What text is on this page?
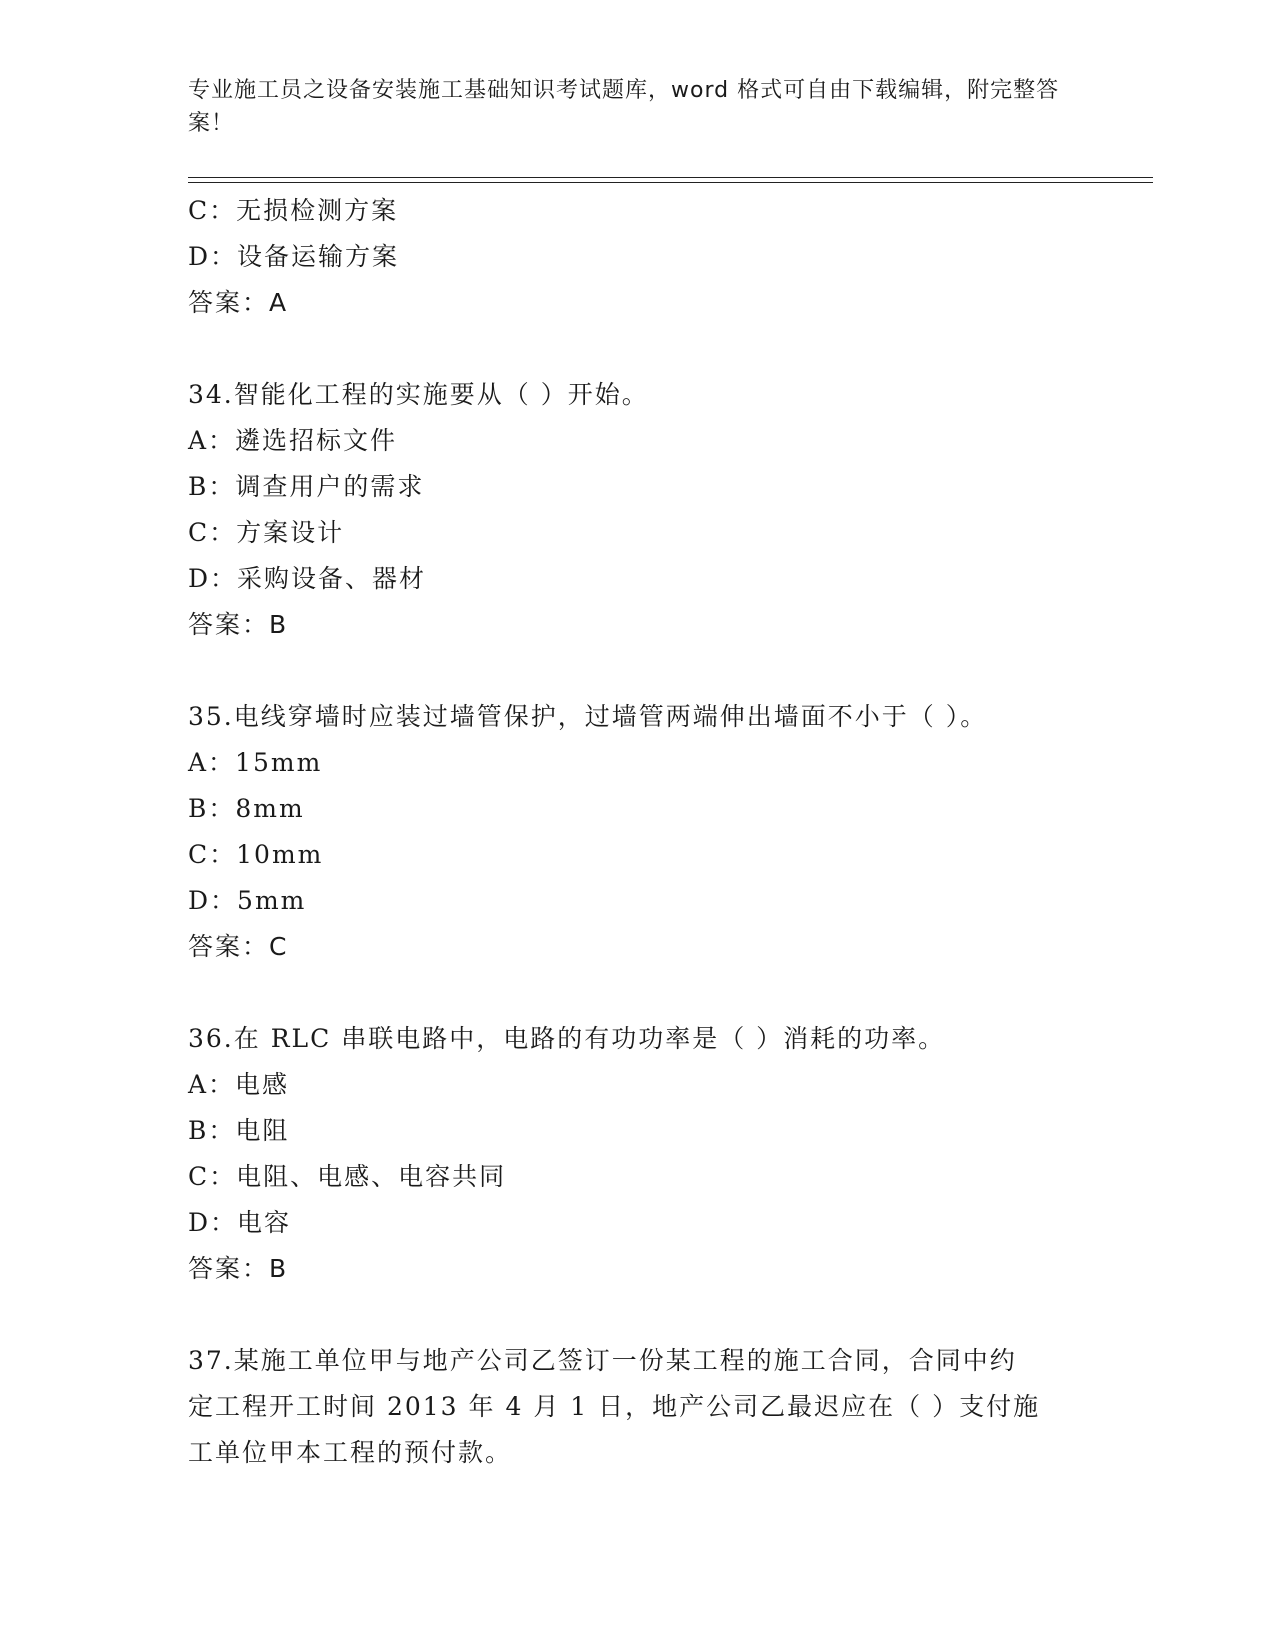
专业施工员之设备安装施工基础知识考试题库，word 格式可自由下载编辑，附完整答案！
C：无损检测方案
D：设备运输方案
答案：A
34.智能化工程的实施要从（ ）开始。
A：遴选招标文件
B：调查用户的需求
C：方案设计
D：采购设备、器材
答案：B
35.电线穿墙时应装过墙管保护，过墙管两端伸出墙面不小于（ ）。
A：15mm
B：8mm
C：10mm
D：5mm
答案：C
36.在 RLC 串联电路中，电路的有功功率是（ ）消耗的功率。
A：电感
B：电阻
C：电阻、电感、电容共同
D：电容
答案：B
37.某施工单位甲与地产公司乙签订一份某工程的施工合同，合同中约
定工程开工时间 2013 年 4 月 1 日，地产公司乙最迟应在（ ）支付施
工单位甲本工程的预付款。
